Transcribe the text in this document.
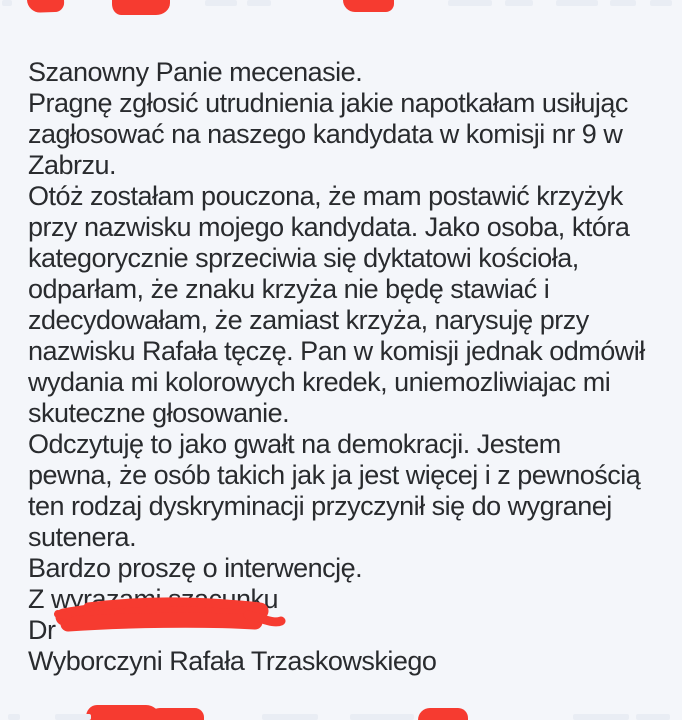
Szanowny Panie mecenasie.
Pragnę zgłosić utrudnienia jakie napotkałam usiłując
zagłosować na naszego kandydata w komisji nr 9 w
Zabrzu.
Otóż zostałam pouczona, że mam postawić krzyżyk
przy nazwisku mojego kandydata. Jako osoba, która
kategorycznie sprzeciwia się dyktatowi kościoła,
odparłam, że znaku krzyża nie będę stawiać i
zdecydowałam, że zamiast krzyża, narysuję przy
nazwisku Rafała tęczę. Pan w komisji jednak odmówił
wydania mi kolorowych kredek, uniemozliwiajac mi
skuteczne głosowanie.
Odczytuję to jako gwałt na demokracji. Jestem
pewna, że osób takich jak ja jest więcej i z pewnością
ten rodzaj dyskryminacji przyczynił się do wygranej
sutenera.
Bardzo proszę o interwencję.
Z wyrazami szacunku
Dr
Wyborczyni Rafała Trzaskowskiego
